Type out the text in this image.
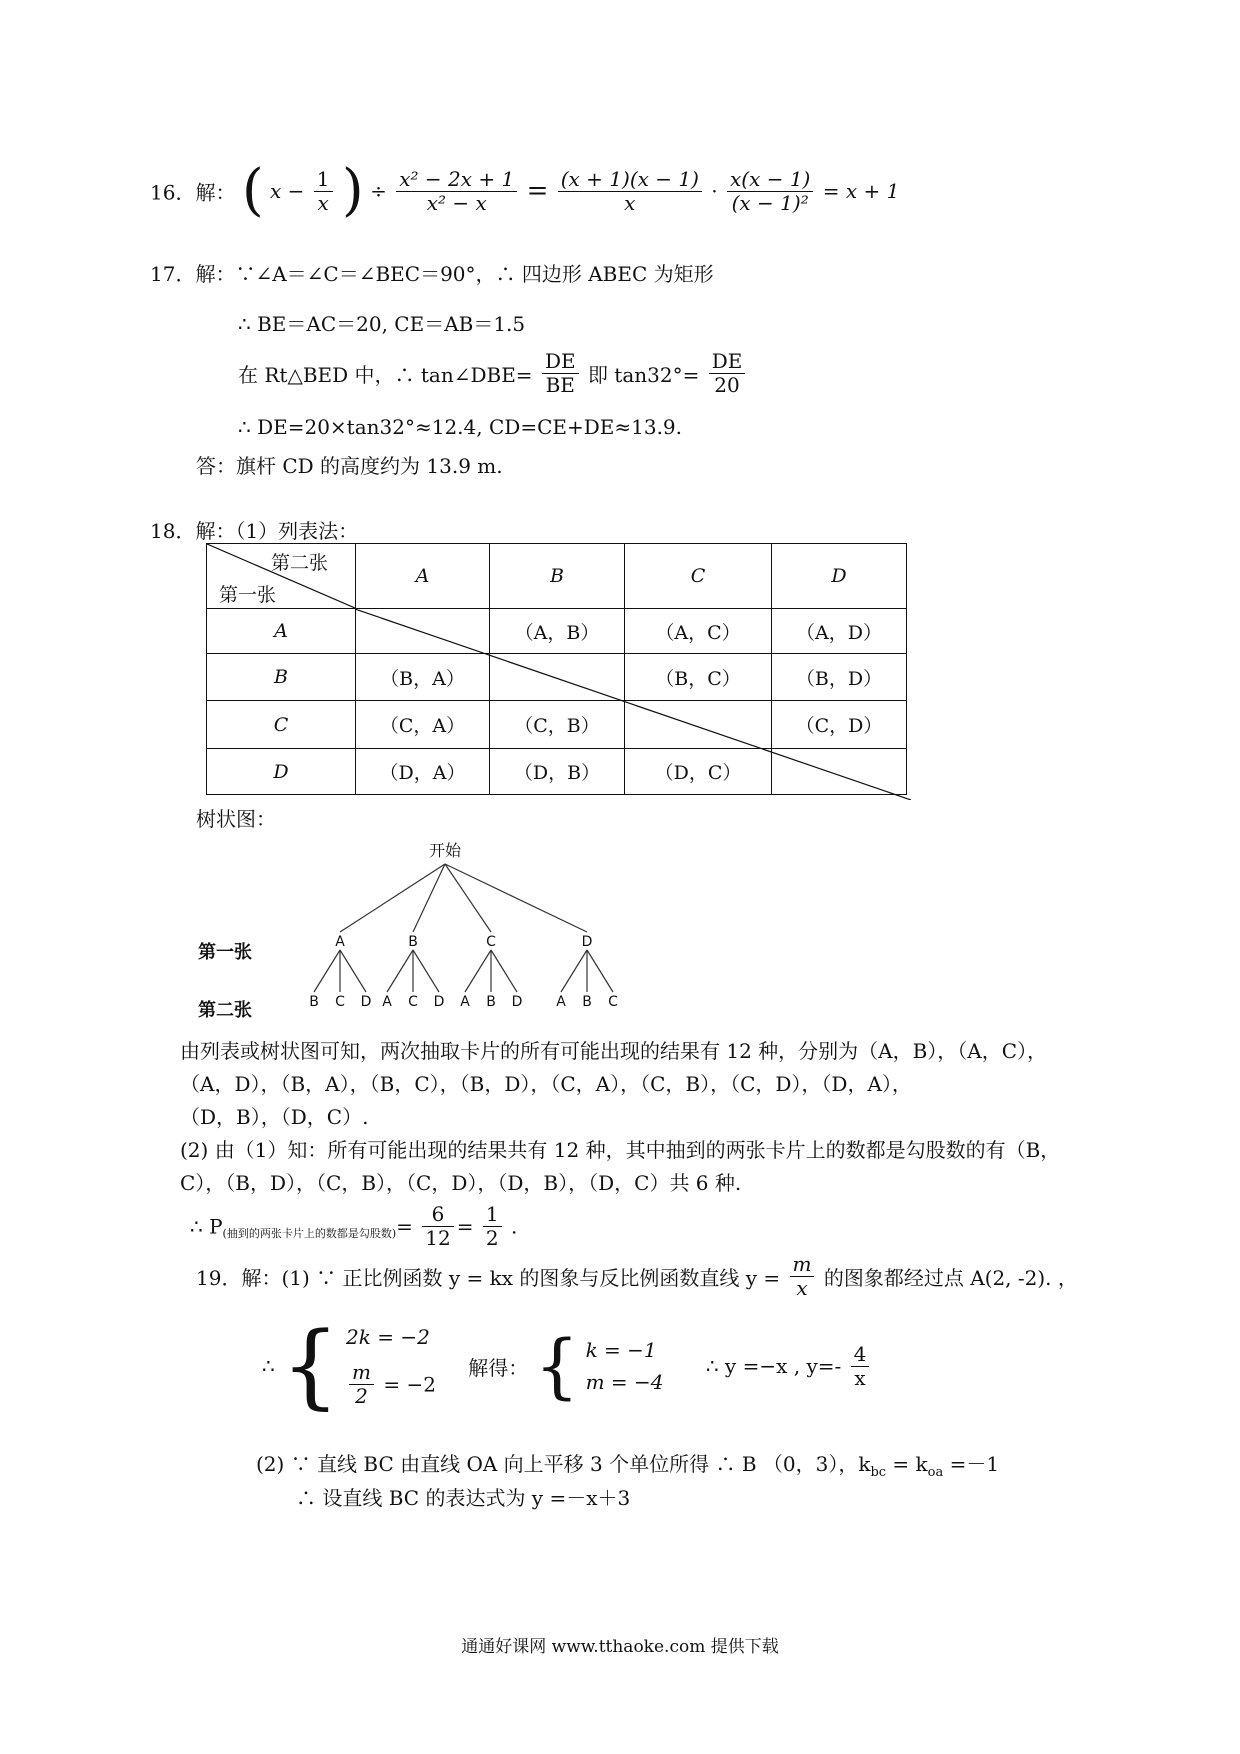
16．解： ( $x - \frac{1}{x}$ ) ÷ $\frac{\text{x² − 2x + 1}}{\text{x² − x}} = \frac{(x + 1)(x - 1)}{x} \cdot \frac{x(x - 1)}{\text{(x − 1)²}} = x + 1$
17．解：∵∠A＝∠C＝∠BEC＝90°，∴ 四边形 ABEC 为矩形
∴ BE＝AC＝20, CE＝AB＝1.5
在 Rt△BED 中，∴ tan∠DBE= $\frac{DE}{BE}$ 即 $\tan 32^\circ= \frac{DE}{20}$
∴ DE=20×tan32°≈12.4, CD=CE+DE≈13.9.
答：旗杆 CD 的高度约为 13.9 m.
18．解：（1）列表法：
第二张
第一张	A	B	C	D
A		（A，B）	（A，C）	（A，D）
B	（B，A）		（B，C）	（B，D）
C	（C，A）	（C，B）		（C，D）
D	（D，A）	（D，B）	（D，C）	
树状图：
开始
A
B C D
B
A C D
C
A B D
D
A B C
第一张
第二张
由列表或树状图可知，两次抽取卡片的所有可能出现的结果有 12 种，分别为（A，B），（A，C），
（A，D），（B，A），（B，C），（B，D），（C，A），（C，B），（C，D），（D，A），
（D，B），（D，C）.
(2) 由（1）知：所有可能出现的结果共有 12 种，其中抽到的两张卡片上的数都是勾股数的有（B，
C），（B，D），（C，B），（C，D），（D，B），（D，C）共 6 种.
∴ $P_{(抽到的两张卡片上的数都是勾股数)}= \frac{6}{12} = \frac{1}{2}$ .
19．解：(1) ∵ 正比例函数 y = kx 的图象与反比例函数直线 $y = \frac{m}{x}$ 的图象都经过点 A(2, -2). ，
∴ { 2k = −2
$\frac{m}{2} = -2$
解得： { k = −1
m = −4
∴ y =−x , $y=- \frac{4}{x}$
(2) ∵ 直线 BC 由直线 OA 向上平移 3 个单位所得 ∴ B （0，3），$k_{bc} = k_{oa} =-1$
∴ 设直线 BC 的表达式为 y =－x＋3
通通好课网 www.tthaoke.com 提供下载
